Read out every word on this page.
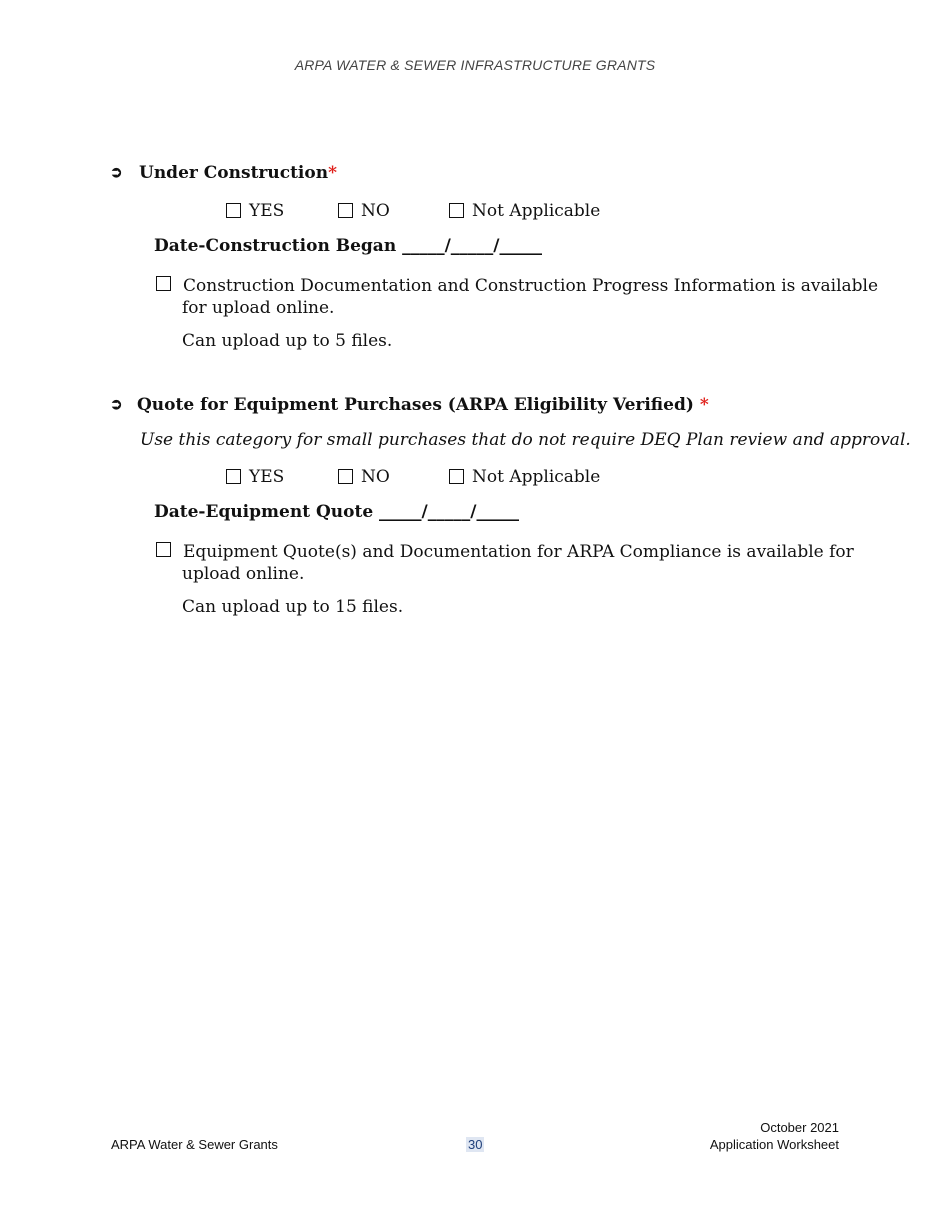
ARPA WATER & SEWER INFRASTRUCTURE GRANTS
➲ Under Construction*
YES	NO	Not Applicable
Date-Construction Began _____/_____/_____
Construction Documentation and Construction Progress Information is available
for upload online.
Can upload up to 5 files.
➲ Quote for Equipment Purchases (ARPA Eligibility Verified) *
Use this category for small purchases that do not require DEQ Plan review and approval.
YES	NO	Not Applicable
Date-Equipment Quote _____/_____/_____
Equipment Quote(s) and Documentation for ARPA Compliance is available for
upload online.
Can upload up to 15 files.
ARPA Water & Sewer Grants	30
October 2021
Application Worksheet
